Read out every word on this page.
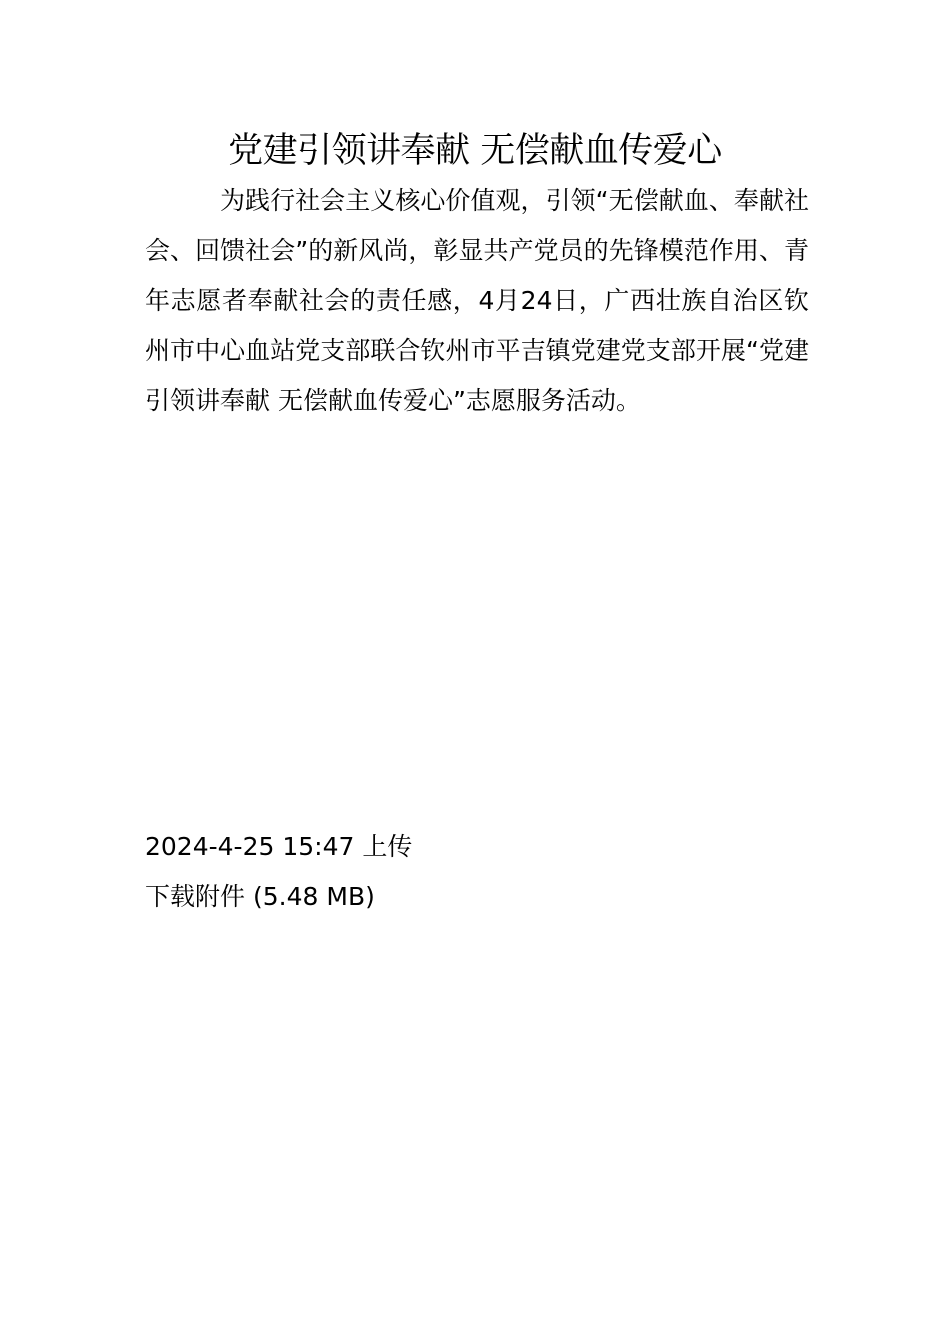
党建引领讲奉献 无偿献血传爱心

为践行社会主义核心价值观，引领“无偿献血、奉献社会、回馈社会”的新风尚，彰显共产党员的先锋模范作用、青年志愿者奉献社会的责任感，4月24日，广西壮族自治区钦州市中心血站党支部联合钦州市平吉镇党建党支部开展“党建引领讲奉献 无偿献血传爱心”志愿服务活动。

2024-4-25 15:47 上传
下载附件 (5.48 MB)
